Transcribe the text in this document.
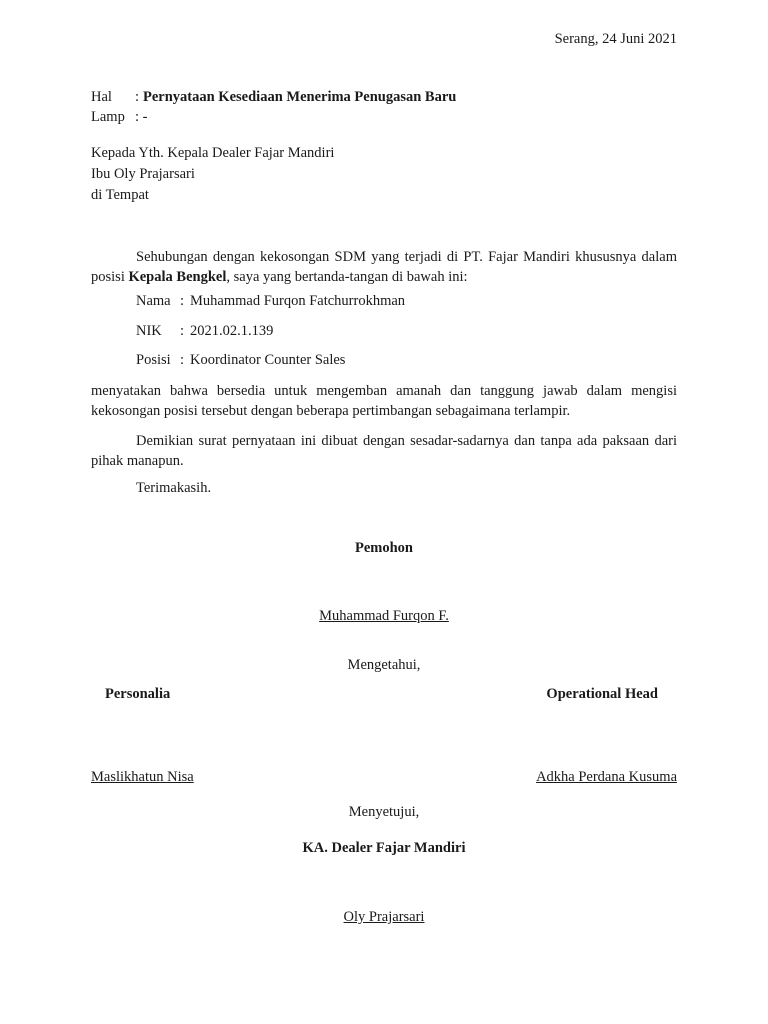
Serang, 24 Juni 2021
Hal : Pernyataan Kesediaan Menerima Penugasan Baru
Lamp : -
Kepada Yth. Kepala Dealer Fajar Mandiri
Ibu Oly Prajarsari
di Tempat
Sehubungan dengan kekosongan SDM yang terjadi di PT. Fajar Mandiri khususnya dalam posisi Kepala Bengkel, saya yang bertanda-tangan di bawah ini:
Nama : Muhammad Furqon Fatchurrokhman
NIK : 2021.02.1.139
Posisi : Koordinator Counter Sales
menyatakan bahwa bersedia untuk mengemban amanah dan tanggung jawab dalam mengisi kekosongan posisi tersebut dengan beberapa pertimbangan sebagaimana terlampir.
Demikian surat pernyataan ini dibuat dengan sesadar-sadarnya dan tanpa ada paksaan dari pihak manapun.
Terimakasih.
Pemohon
Muhammad Furqon F.
Mengetahui,
Personalia	Operational Head
Maslikhatun Nisa	Adkha Perdana Kusuma
Menyetujui,
KA. Dealer Fajar Mandiri
Oly Prajarsari
